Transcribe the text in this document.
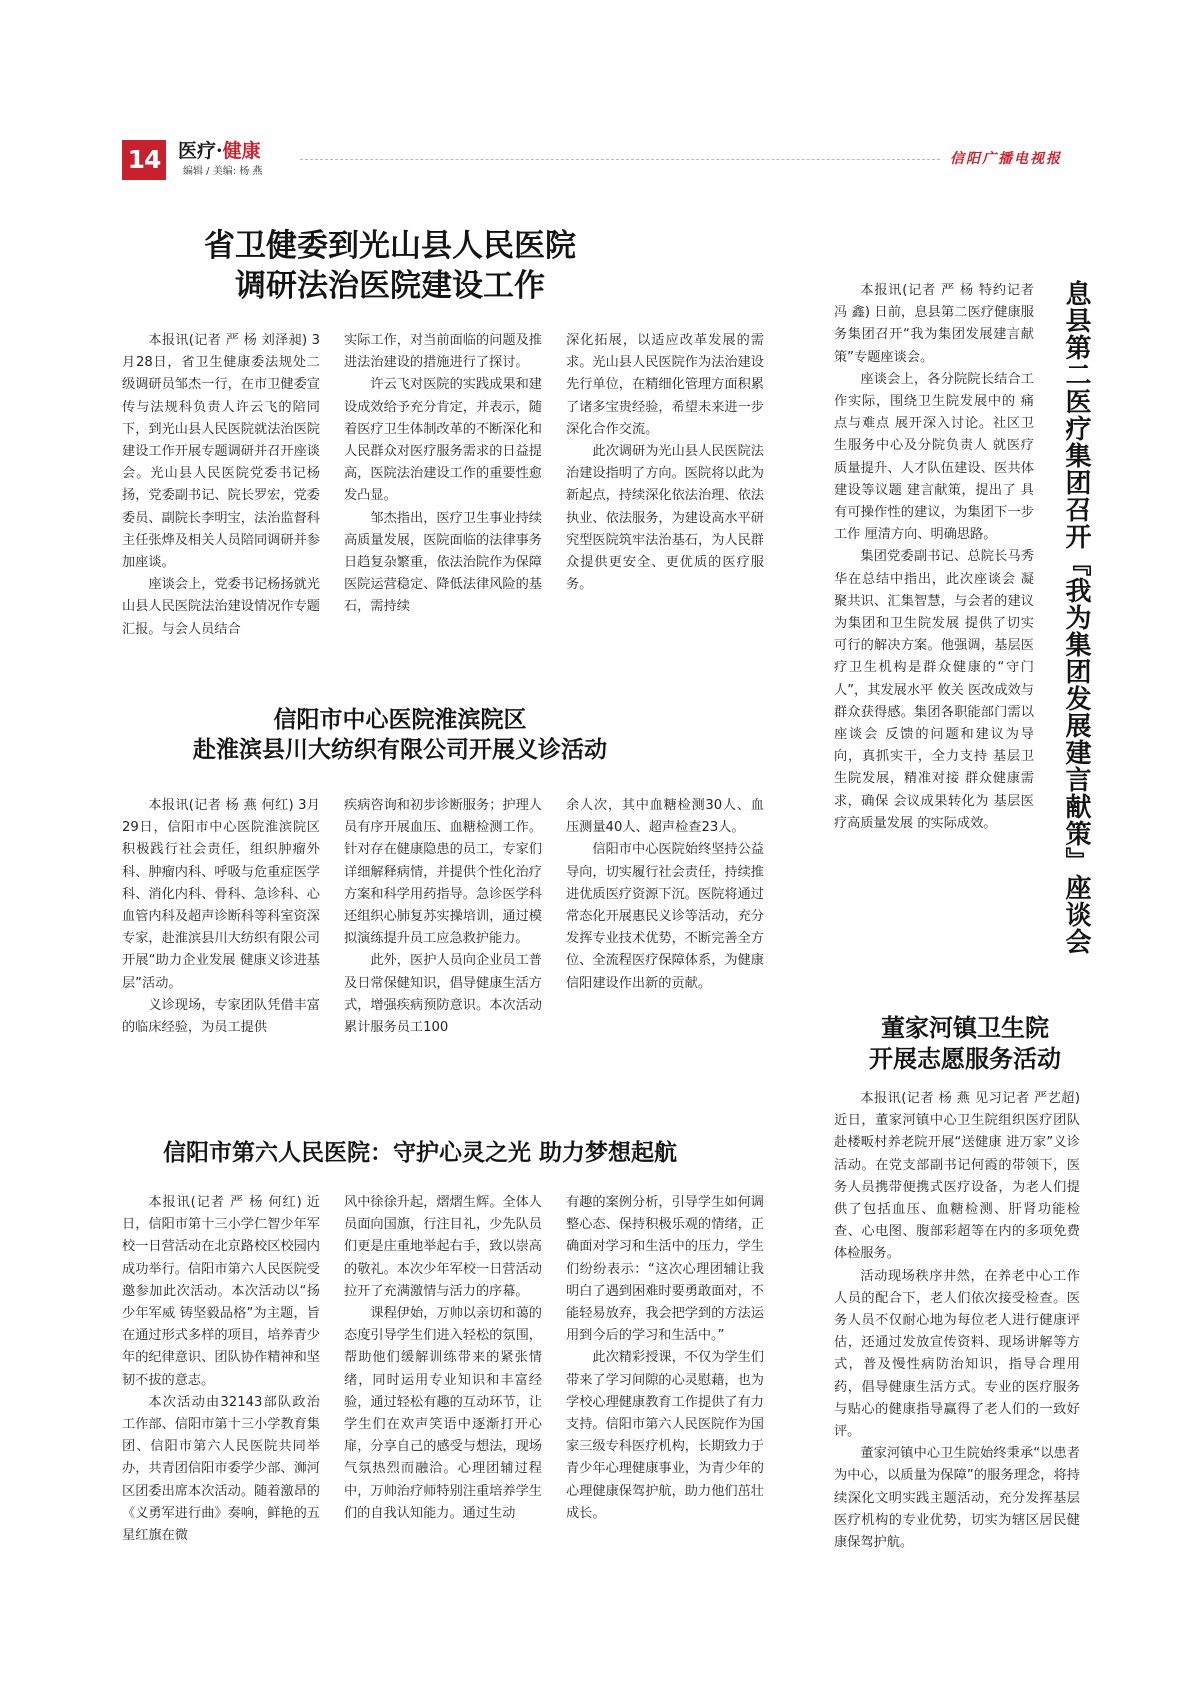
14 医疗·健康
编辑 / 美编: 杨 燕
信阳广播电视报
省卫健委到光山县人民医院
调研法治医院建设工作

本报讯(记者 严 杨 刘泽昶) 3月28日，省卫生健康委法规处二级调研员邹杰一行，在市卫健委宣传与法规科负责人许云飞的陪同下，到光山县人民医院就法治医院建设工作开展专题调研并召开座谈会。光山县人民医院党委书记杨扬，党委副书记、院长罗宏，党委委员、副院长李明宝，法治监督科主任张烨及相关人员陪同调研并参加座谈。

座谈会上，党委书记杨扬就光山县人民医院法治建设情况作专题汇报。与会人员结合

实际工作，对当前面临的问题及推进法治建设的措施进行了探讨。

许云飞对医院的实践成果和建设成效给予充分肯定，并表示，随着医疗卫生体制改革的不断深化和人民群众对医疗服务需求的日益提高，医院法治建设工作的重要性愈发凸显。

邹杰指出，医疗卫生事业持续高质量发展，医院面临的法律事务日趋复杂繁重，依法治院作为保障医院运营稳定、降低法律风险的基石，需持续

深化拓展，以适应改革发展的需求。光山县人民医院作为法治建设先行单位，在精细化管理方面积累了诸多宝贵经验，希望未来进一步深化合作交流。

此次调研为光山县人民医院法治建设指明了方向。医院将以此为新起点，持续深化依法治理、依法执业、依法服务，为建设高水平研究型医院筑牢法治基石，为人民群众提供更安全、更优质的医疗服务。

信阳市中心医院淮滨院区
赴淮滨县川大纺织有限公司开展义诊活动

本报讯(记者 杨 燕 何红) 3月29日，信阳市中心医院淮滨院区积极践行社会责任，组织肿瘤外科、肿瘤内科、呼吸与危重症医学科、消化内科、骨科、急诊科、心血管内科及超声诊断科等科室资深专家，赴淮滨县川大纺织有限公司开展“助力企业发展 健康义诊进基层”活动。

义诊现场，专家团队凭借丰富的临床经验，为员工提供

疾病咨询和初步诊断服务；护理人员有序开展血压、血糖检测工作。针对存在健康隐患的员工，专家们详细解释病情，并提供个性化治疗方案和科学用药指导。急诊医学科还组织心肺复苏实操培训，通过模拟演练提升员工应急救护能力。

此外，医护人员向企业员工普及日常保健知识，倡导健康生活方式，增强疾病预防意识。本次活动累计服务员工100

余人次，其中血糖检测30人、血压测量40人、超声检查23人。

信阳市中心医院始终坚持公益导向，切实履行社会责任，持续推进优质医疗资源下沉。医院将通过常态化开展惠民义诊等活动，充分发挥专业技术优势，不断完善全方位、全流程医疗保障体系，为健康信阳建设作出新的贡献。

信阳市第六人民医院：守护心灵之光 助力梦想起航

本报讯(记者 严 杨 何红) 近日，信阳市第十三小学仁智少年军校一日营活动在北京路校区校园内成功举行。信阳市第六人民医院受邀参加此次活动。本次活动以“扬少年军威 铸坚毅品格”为主题，旨在通过形式多样的项目，培养青少年的纪律意识、团队协作精神和坚韧不拔的意志。

本次活动由32143部队政治工作部、信阳市第十三小学教育集团、信阳市第六人民医院共同举办，共青团信阳市委学少部、浉河区团委出席本次活动。随着激昂的《义勇军进行曲》奏响，鲜艳的五星红旗在微

风中徐徐升起，熠熠生辉。全体人员面向国旗，行注目礼，少先队员们更是庄重地举起右手，致以崇高的敬礼。本次少年军校一日营活动拉开了充满激情与活力的序幕。

课程伊始，万帅以亲切和蔼的态度引导学生们进入轻松的氛围，帮助他们缓解训练带来的紧张情绪，同时运用专业知识和丰富经验，通过轻松有趣的互动环节，让学生们在欢声笑语中逐渐打开心扉，分享自己的感受与想法，现场气氛热烈而融洽。心理团辅过程中，万帅治疗师特别注重培养学生们的自我认知能力。通过生动

有趣的案例分析，引导学生如何调整心态、保持积极乐观的情绪，正确面对学习和生活中的压力，学生们纷纷表示：“这次心理团辅让我明白了遇到困难时要勇敢面对，不能轻易放弃，我会把学到的方法运用到今后的学习和生活中。”

此次精彩授课，不仅为学生们带来了学习间隙的心灵慰藉，也为学校心理健康教育工作提供了有力支持。信阳市第六人民医院作为国家三级专科医疗机构，长期致力于青少年心理健康事业，为青少年的心理健康保驾护航，助力他们茁壮成长。

息县第二医疗集团召开『我为集团发展建言献策』座谈会

本报讯(记者 严 杨 特约记者 冯 鑫) 日前，息县第二医疗健康服务集团召开“我为集团发展建言献策”专题座谈会。

座谈会上，各分院院长结合工作实际，围绕卫生院发展中的 痛点与难点 展开深入讨论。社区卫生服务中心及分院负责人 就医疗质量提升、人才队伍建设、医共体建设等议题 建言献策，提出了 具有可操作性的建议，为集团下一步工作 厘清方向、明确思路。

集团党委副书记、总院长马秀华在总结中指出，此次座谈会 凝聚共识、汇集智慧，与会者的建议为集团和卫生院发展 提供了切实可行的解决方案。他强调，基层医疗卫生机构是群众健康的“守门人”，其发展水平 攸关 医改成效与群众获得感。集团各职能部门需以座谈会 反馈的问题和建议为导向，真抓实干，全力支持 基层卫生院发展，精准对接 群众健康需求，确保 会议成果转化为 基层医疗高质量发展 的实际成效。

董家河镇卫生院
开展志愿服务活动

本报讯(记者 杨 燕 见习记者 严艺超) 近日，董家河镇中心卫生院组织医疗团队赴楼畈村养老院开展“送健康 进万家”义诊活动。在党支部副书记何霞的带领下，医务人员携带便携式医疗设备，为老人们提供了包括血压、血糖检测、肝肾功能检查、心电图、腹部彩超等在内的多项免费体检服务。

活动现场秩序井然，在养老中心工作人员的配合下，老人们依次接受检查。医务人员不仅耐心地为每位老人进行健康评估，还通过发放宣传资料、现场讲解等方式，普及慢性病防治知识，指导合理用药，倡导健康生活方式。专业的医疗服务与贴心的健康指导赢得了老人们的一致好评。

董家河镇中心卫生院始终秉承“以患者为中心，以质量为保障”的服务理念，将持续深化文明实践主题活动，充分发挥基层医疗机构的专业优势，切实为辖区居民健康保驾护航。
